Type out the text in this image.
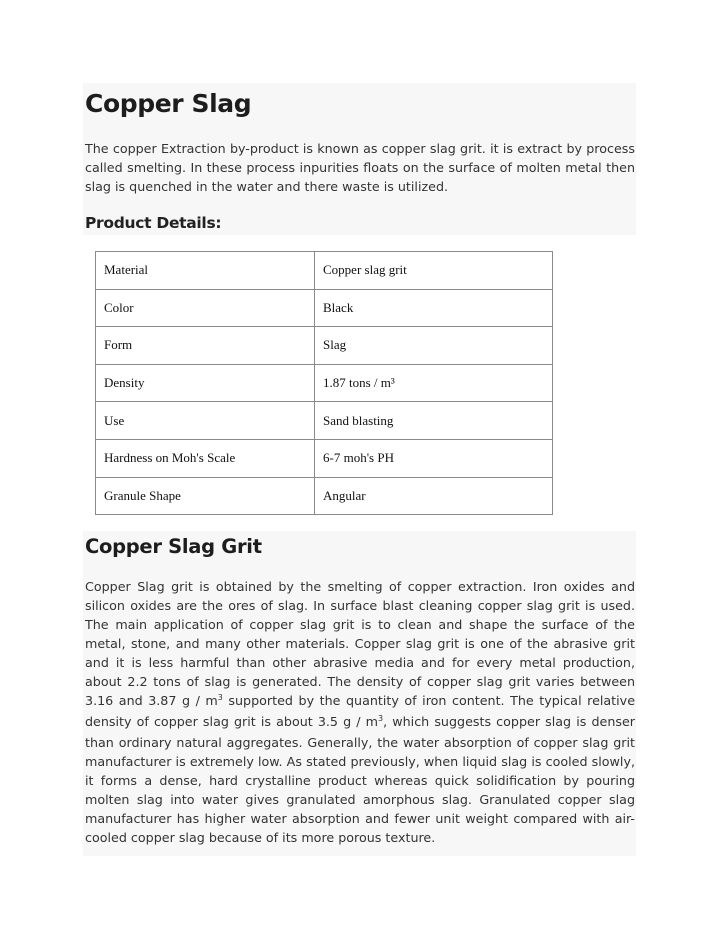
Copper Slag

The copper Extraction by-product is known as copper slag grit. it is extract by process called smelting. In these process inpurities floats on the surface of molten metal then slag is quenched in the water and there waste is utilized.

Product Details:
Material	Copper slag grit
Color	Black
Form	Slag
Density	1.87 tons / m³
Use	Sand blasting
Hardness on Moh's Scale	6-7 moh's PH
Granule Shape	Angular
Copper Slag Grit

Copper Slag grit is obtained by the smelting of copper extraction. Iron oxides and silicon oxides are the ores of slag. In surface blast cleaning copper slag grit is used. The main application of copper slag grit is to clean and shape the surface of the metal, stone, and many other materials. Copper slag grit is one of the abrasive grit and it is less harmful than other abrasive media and for every metal production, about 2.2 tons of slag is generated. The density of copper slag grit varies between 3.16 and 3.87 g / $m^3$ supported by the quantity of iron content. The typical relative density of copper slag grit is about 3.5 g / $m^3$, which suggests copper slag is denser than ordinary natural aggregates. Generally, the water absorption of copper slag grit manufacturer is extremely low. As stated previously, when liquid slag is cooled slowly, it forms a dense, hard crystalline product whereas quick solidification by pouring molten slag into water gives granulated amorphous slag. Granulated copper slag manufacturer has higher water absorption and fewer unit weight compared with air-cooled copper slag because of its more porous texture.
